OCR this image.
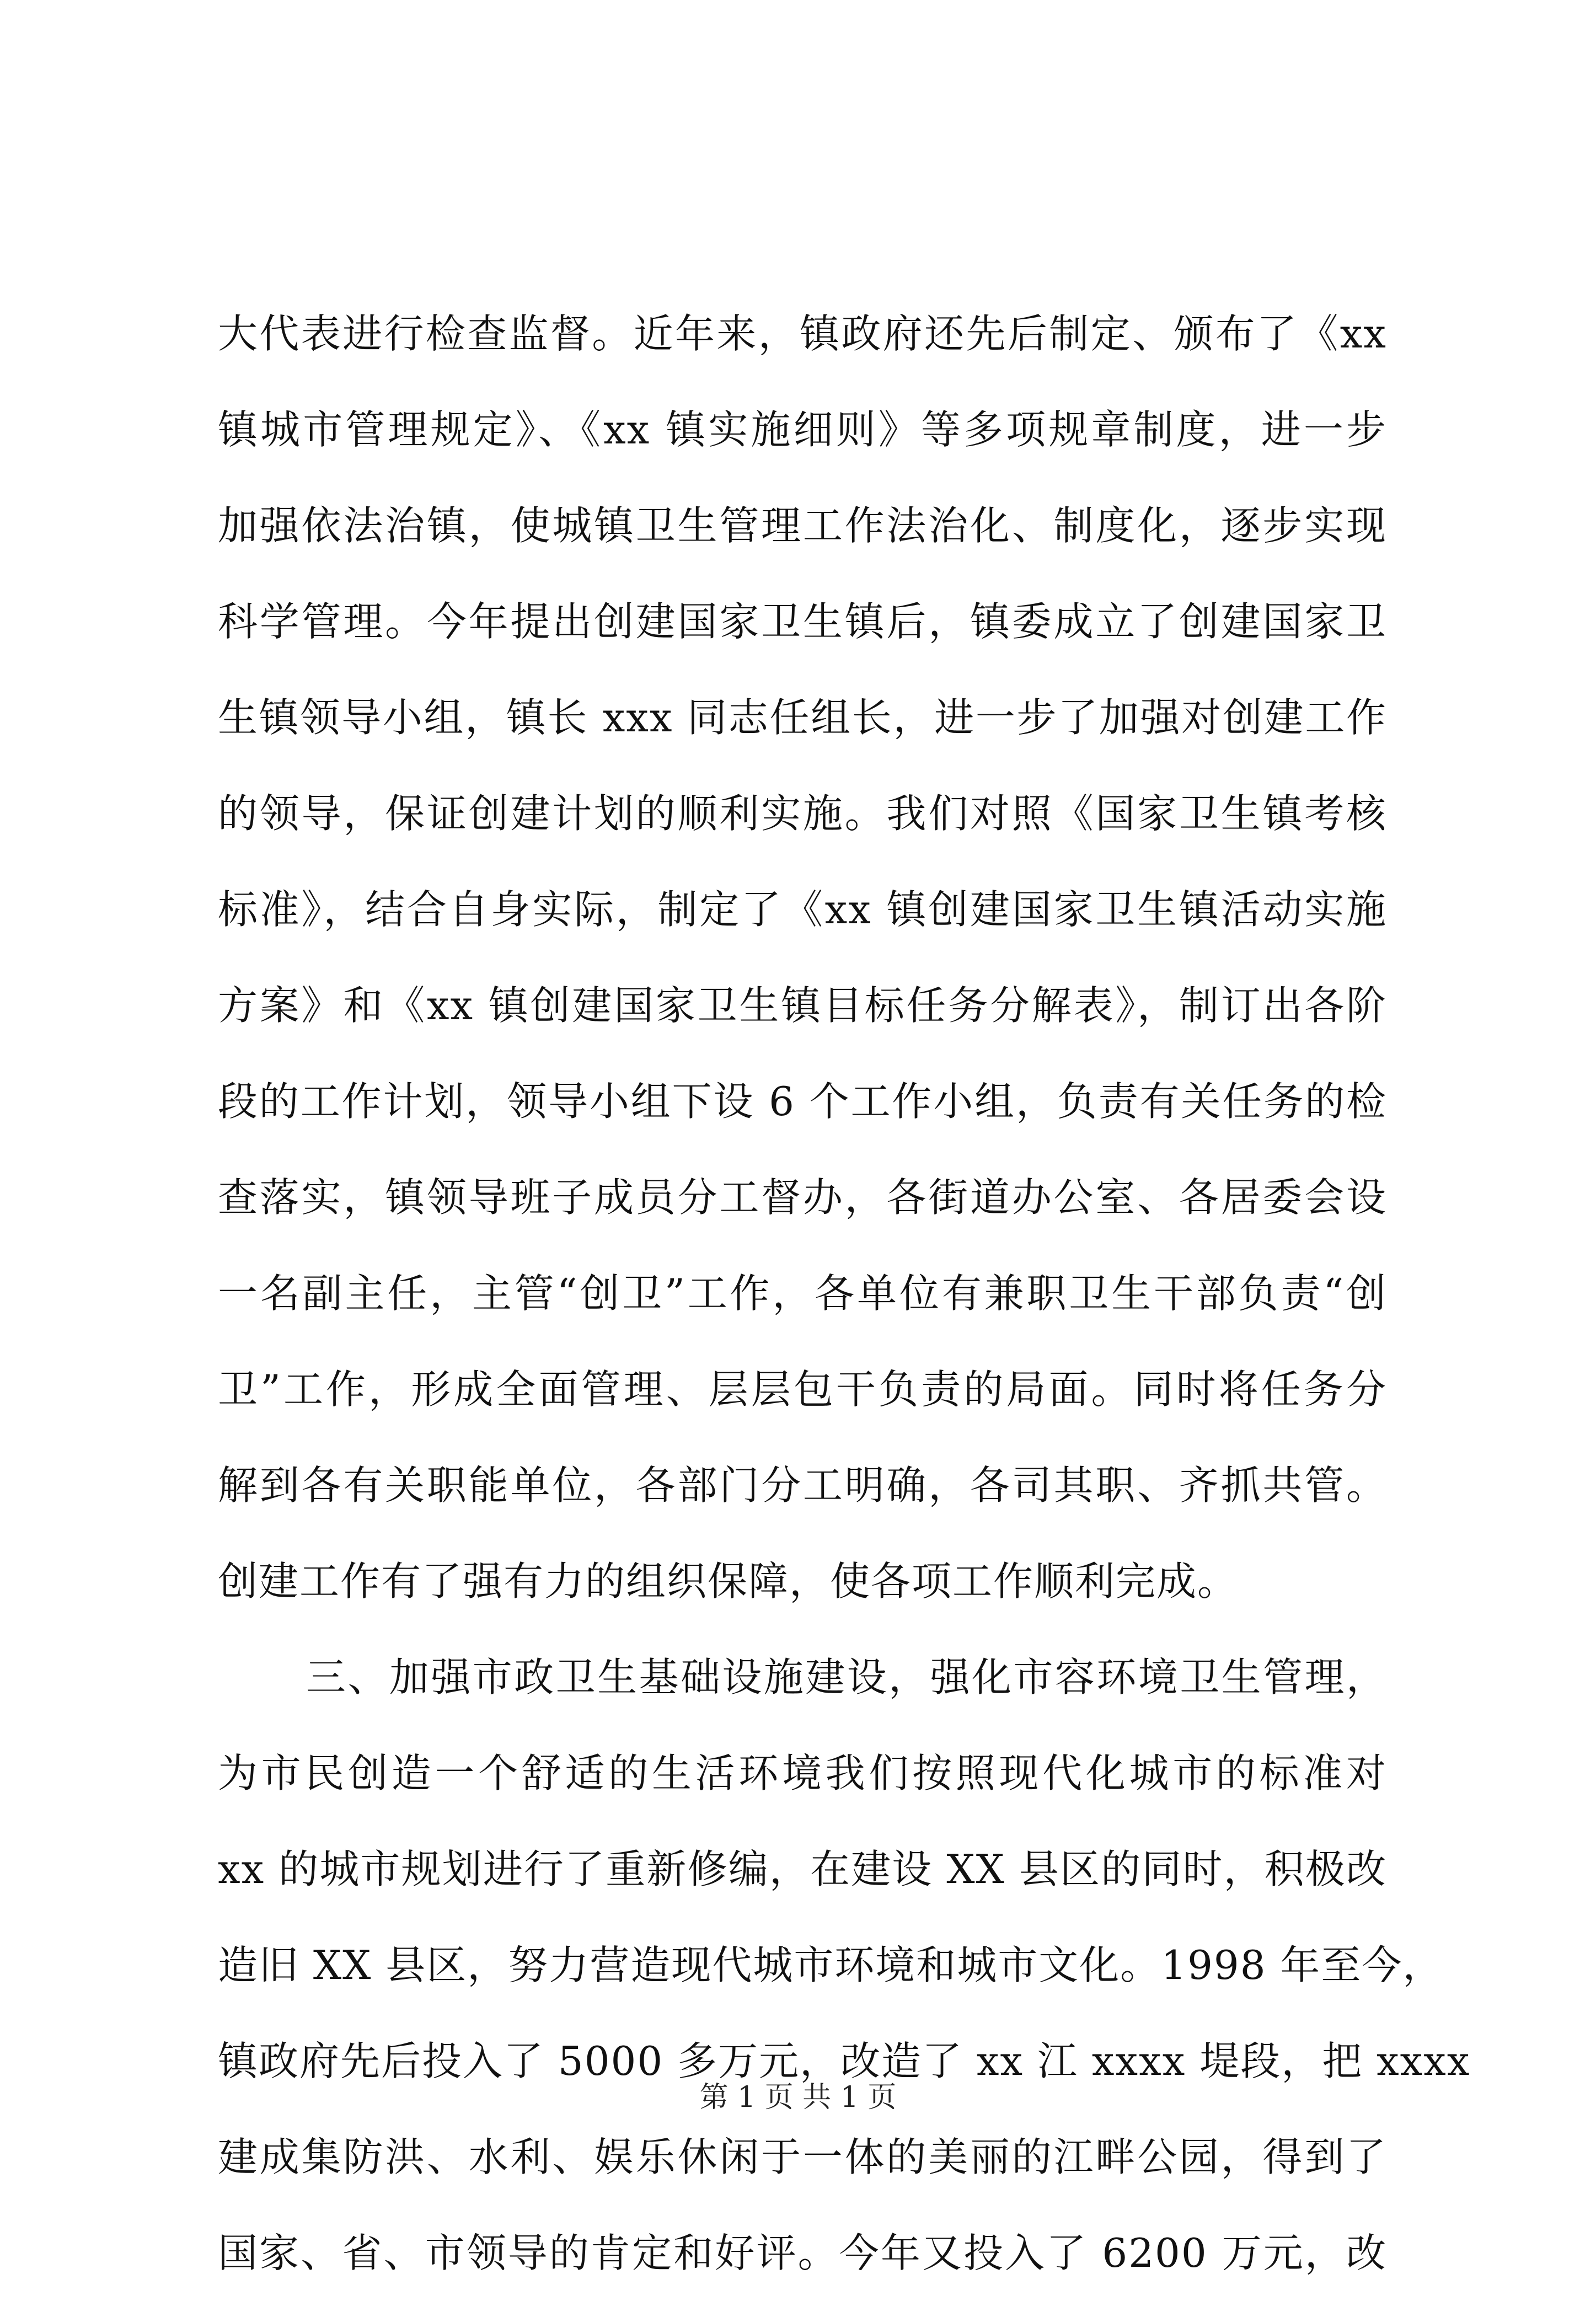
大代表进行检查监督。近年来，镇政府还先后制定、颁布了《xx
镇城市管理规定》、《xx 镇实施细则》等多项规章制度，进一步
加强依法治镇，使城镇卫生管理工作法治化、制度化，逐步实现
科学管理。今年提出创建国家卫生镇后，镇委成立了创建国家卫
生镇领导小组，镇长 xxx 同志任组长，进一步了加强对创建工作
的领导，保证创建计划的顺利实施。我们对照《国家卫生镇考核
标准》，结合自身实际，制定了《xx 镇创建国家卫生镇活动实施
方案》和《xx 镇创建国家卫生镇目标任务分解表》，制订出各阶
段的工作计划，领导小组下设 6 个工作小组，负责有关任务的检
查落实，镇领导班子成员分工督办，各街道办公室、各居委会设
一名副主任，主管“创卫”工作，各单位有兼职卫生干部负责“创
卫”工作，形成全面管理、层层包干负责的局面。同时将任务分
解到各有关职能单位，各部门分工明确，各司其职、齐抓共管。
创建工作有了强有力的组织保障，使各项工作顺利完成。
三、加强市政卫生基础设施建设，强化市容环境卫生管理，
为市民创造一个舒适的生活环境我们按照现代化城市的标准对
xx 的城市规划进行了重新修编，在建设 XX 县区的同时，积极改
造旧 XX 县区，努力营造现代城市环境和城市文化。1998 年至今，
镇政府先后投入了 5000 多万元，改造了 xx 江 xxxx 堤段，把 xxxx
建成集防洪、水利、娱乐休闲于一体的美丽的江畔公园，得到了
国家、省、市领导的肯定和好评。今年又投入了 6200 万元，改
第 1 页 共 1 页
